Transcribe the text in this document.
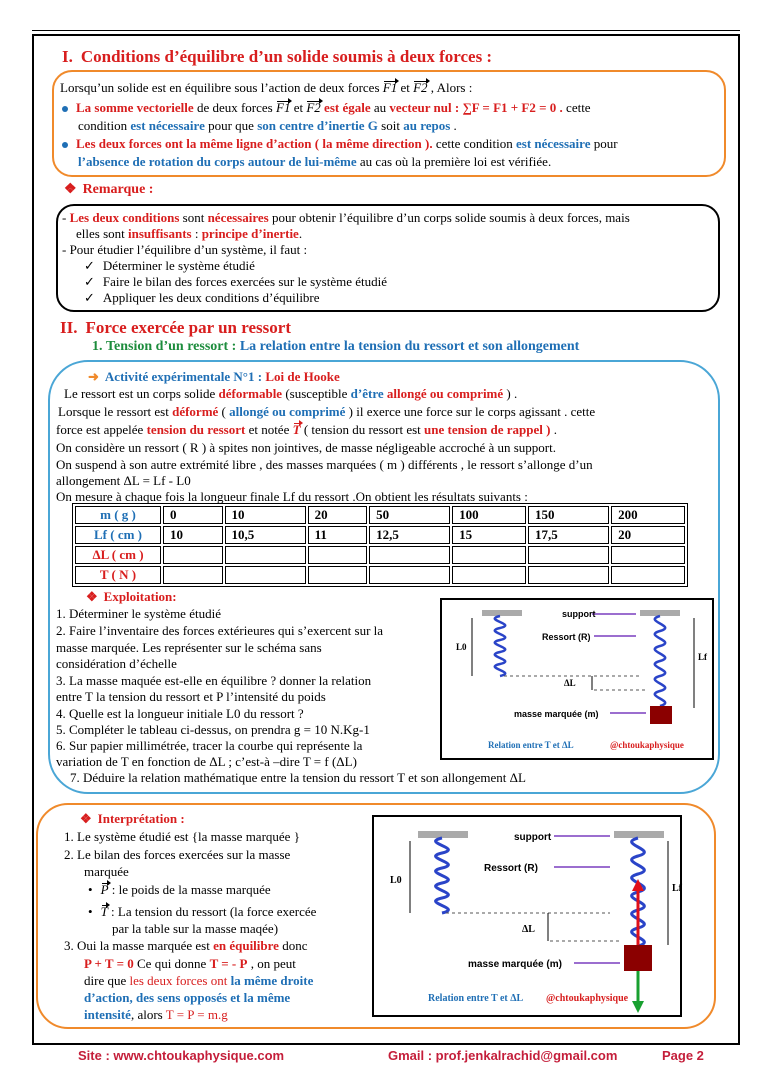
I. Conditions d’équilibre d’un solide soumis à deux forces :
Lorsqu’un solide est en équilibre sous l’action de deux forces F1 et F2 , Alors :
La somme vectorielle de deux forces F1 et F2 est égale au vecteur nul : ∑F = F1 + F2 = 0 . cette
condition est nécessaire pour que son centre d’inertie G soit au repos .
Les deux forces ont la même ligne d’action ( la même direction ). cette condition est nécessaire pour
l’absence de rotation du corps autour de lui-même au cas où la première loi est vérifiée.
❖ Remarque :
- Les deux conditions sont nécessaires pour obtenir l’équilibre d’un corps solide soumis à deux forces, mais
elles sont insuffisants : principe d’inertie.
- Pour étudier l’équilibre d’un système, il faut :
✓ Déterminer le système étudié
✓ Faire le bilan des forces exercées sur le système étudié
✓ Appliquer les deux conditions d’équilibre
II. Force exercée par un ressort
1. Tension d’un ressort : La relation entre la tension du ressort et son allongement
➜ Activité expérimentale N°1 : Loi de Hooke
Le ressort est un corps solide déformable (susceptible d’être allongé ou comprimé ) .
Lorsque le ressort est déformé ( allongé ou comprimé ) il exerce une force sur le corps agissant . cette
force est appelée tension du ressort et notée T ( tension du ressort est une tension de rappel ) .
On considère un ressort ( R ) à spites non jointives, de masse négligeable accroché à un support.
On suspend à son autre extrémité libre , des masses marquées ( m ) différents , le ressort s’allonge d’un
allongement ΔL = Lf - L0
On mesure à chaque fois la longueur finale Lf du ressort .On obtient les résultats suivants :
m ( g )	0	10	20	50	100	150	200
Lf ( cm )	10	10,5	11	12,5	15	17,5	20
ΔL ( cm )							
T ( N )							
❖ Exploitation:
1. Déterminer le système étudié
2. Faire l’inventaire des forces extérieures qui s’exercent sur la
masse marquée. Les représenter sur le schéma sans
considération d’échelle
3. La masse maquée est-elle en équilibre ? donner la relation
entre T la tension du ressort et P l’intensité du poids
4. Quelle est la longueur initiale L0 du ressort ?
5. Compléter le tableau ci-dessus, on prendra g = 10 N.Kg-1
6. Sur papier millimétrée, tracer la courbe qui représente la
variation de T en fonction de ΔL ; c’est-à –dire T = f (ΔL)
7. Déduire la relation mathématique entre la tension du ressort T et son allongement ΔL
support
Ressort (R)
L0
Lf
ΔL
masse marquée (m)
Relation entre T et ΔL	@chtoukaphysique
❖ Interprétation :
1. Le système étudié est {la masse marquée }
2. Le bilan des forces exercées sur la masse
marquée
• P : le poids de la masse marquée
• T : La tension du ressort (la force exercée
par la table sur la masse maqée)
3. Oui la masse marquée est en équilibre donc
P + T = 0 Ce qui donne T = - P , on peut
dire que les deux forces ont la même droite
d’action, des sens opposés et la même
intensité, alors T = P = m.g
support
Ressort (R)
L0
Lf
ΔL
masse marquée (m)
Relation entre T et ΔL @chtoukaphysique
Site : www.chtoukaphysique.com	Gmail : prof.jenkalrachid@gmail.com	Page 2
